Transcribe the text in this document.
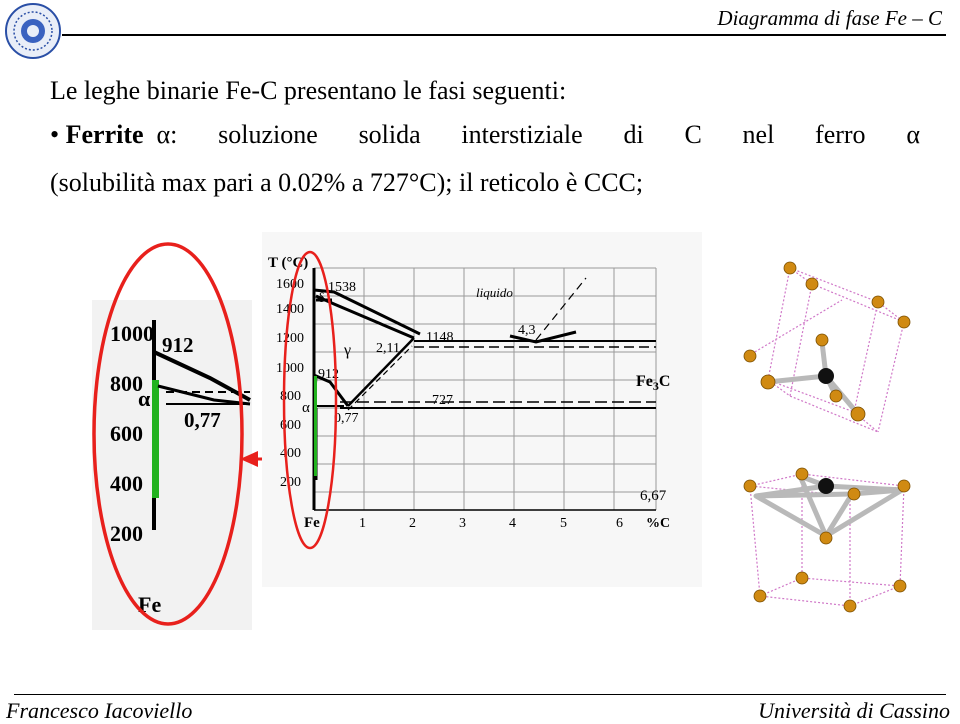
Diagramma di fase Fe – C
Le leghe binarie Fe-C presentano le fasi seguenti:
• Ferrite α: soluzione solida interstiziale di C nel ferro α
(solubilità max pari a 0.02% a 727°C); il reticolo è CCC;
1000
800
600
400
200
912
α
0,77
Fe
T (°C)
1600
1400
1200
1000
800
600
400
200
Fe	1	2	3	4	5	6 %C
1538
δ	liquido
1148	4,3
γ 2,11
912
α
0,77
727
$Fe_3C$
6,67
Francesco Iacoviello	Università di Cassino
